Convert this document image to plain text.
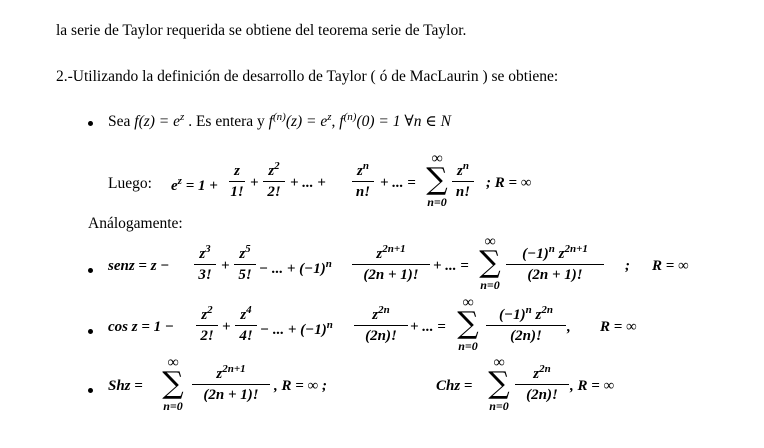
la serie de Taylor requerida se obtiene del teorema serie de Taylor.
2.-Utilizando la definición de desarrollo de Taylor ( ó de MacLaurin ) se obtiene:
Sea $f(z) = e^z$ . Es entera y $f^{(n)}(z) = e^z$, $f^{(n)}(0) = 1$ ∀n ∈ N
Luego: $e^z = 1$ +
z
1!
+
$z^2$
2!
+ ... +
$z^n$
n!
+ ... =
∞
∑
n=0
$z^n$
n!
; R = ∞
Análogamente:
senz = z −
$z^3$
3!
+
$z^5$
5! − ... + $(-1)^n$
$z^{2n+1}$
(2n + 1)!
+ ... =
∞
∑
n=0
$(-1)^n$ $z^{2n+1}$
(2n + 1)!
; R = ∞
cos z = 1 −
$z^2$
2!
+
$z^4$
4! − ... + $(-1)^n$
$z^{2n}$
(2n)!
+ ... =
∞
∑
n=0
$(-1)^n$ $z^{2n}$
(2n)!
, R = ∞
Shz =
∞
∑
n=0
$z^{2n+1}$
(2n + 1)!
, R = ∞ ;	Chz =
∞
∑
n=0
$z^{2n}$
(2n)!
, R = ∞
